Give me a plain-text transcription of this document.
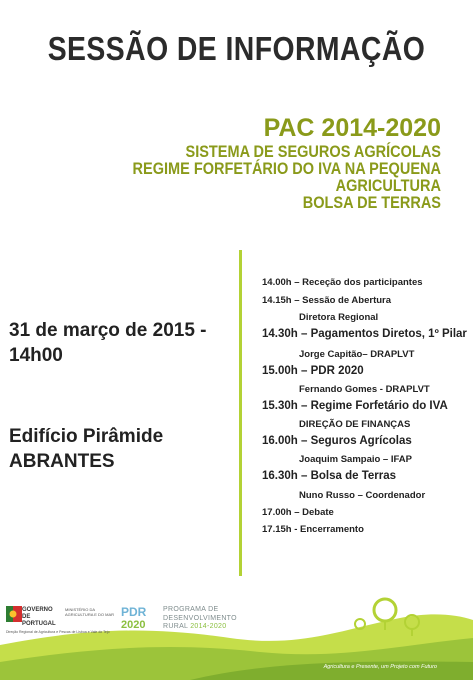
SESSÃO DE INFORMAÇÃO
PAC 2014-2020
SISTEMA DE SEGUROS AGRÍCOLAS
REGIME FORFETÁRIO DO IVA NA PEQUENA AGRICULTURA
BOLSA DE TERRAS
31 de março de 2015 -
14h00
Edifício Pirâmide
ABRANTES
14.00h – Receção dos participantes
14.15h – Sessão de Abertura
Diretora Regional
14.30h – Pagamentos Diretos, 1º Pilar
Jorge Capitão– DRAPLVT
15.00h – PDR 2020
Fernando Gomes - DRAPLVT
15.30h – Regime Forfetário do IVA
DIREÇÃO DE FINANÇAS
16.00h – Seguros Agrícolas
Joaquim Sampaio – IFAP
16.30h – Bolsa de Terras
Nuno Russo – Coordenador
17.00h – Debate
17.15h - Encerramento
GOVERNO DE PORTUGAL
MINISTÉRIO DA AGRICULTURA E DO MAR
Direção Regional de Agricultura e Pescas de Lisboa e Vale do Tejo
PDR
2020
PROGRAMA DE
DESENVOLVIMENTO
RURAL 2014-2020
Agricultura e Presente, um Projeto com Futuro
